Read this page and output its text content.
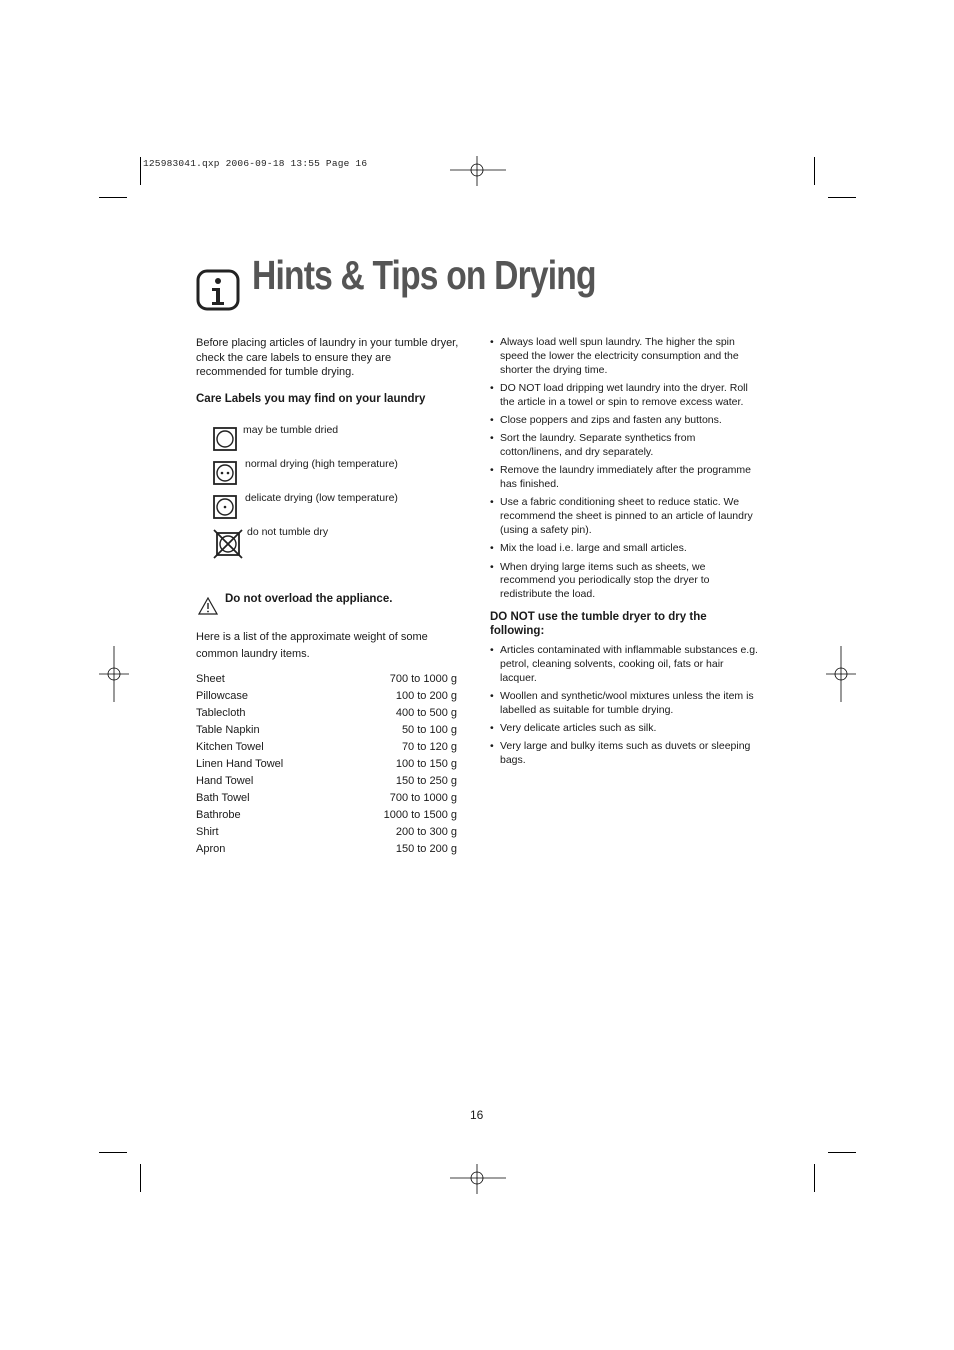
125983041.qxp 2006-09-18 13:55 Page 16
Hints & Tips on Drying
Before placing articles of laundry in your tumble dryer, check the care labels to ensure they are recommended for tumble drying.
Care Labels you may find on your laundry
may be tumble dried
normal drying (high temperature)
delicate drying (low temperature)
do not tumble dry
Do not overload the appliance.
Here is a list of the approximate weight of some common laundry items.
Sheet	700 to 1000 g
Pillowcase	100 to 200 g
Tablecloth	400 to 500 g
Table Napkin	50 to 100 g
Kitchen Towel	70 to 120 g
Linen Hand Towel	100 to 150 g
Hand Towel	150 to 250 g
Bath Towel	700 to 1000 g
Bathrobe	1000 to 1500 g
Shirt	200 to 300 g
Apron	150 to 200 g
• Always load well spun laundry. The higher the spin speed the lower the electricity consumption and the shorter the drying time.
• DO NOT load dripping wet laundry into the dryer. Roll the article in a towel or spin to remove excess water.
• Close poppers and zips and fasten any buttons.
• Sort the laundry. Separate synthetics from cotton/linens, and dry separately.
• Remove the laundry immediately after the programme has finished.
• Use a fabric conditioning sheet to reduce static. We recommend the sheet is pinned to an article of laundry (using a safety pin).
• Mix the load i.e. large and small articles.
• When drying large items such as sheets, we recommend you periodically stop the dryer to redistribute the load.
DO NOT use the tumble dryer to dry the following:
• Articles contaminated with inflammable substances e.g. petrol, cleaning solvents, cooking oil, fats or hair lacquer.
• Woollen and synthetic/wool mixtures unless the item is labelled as suitable for tumble drying.
• Very delicate articles such as silk.
• Very large and bulky items such as duvets or sleeping bags.
16
